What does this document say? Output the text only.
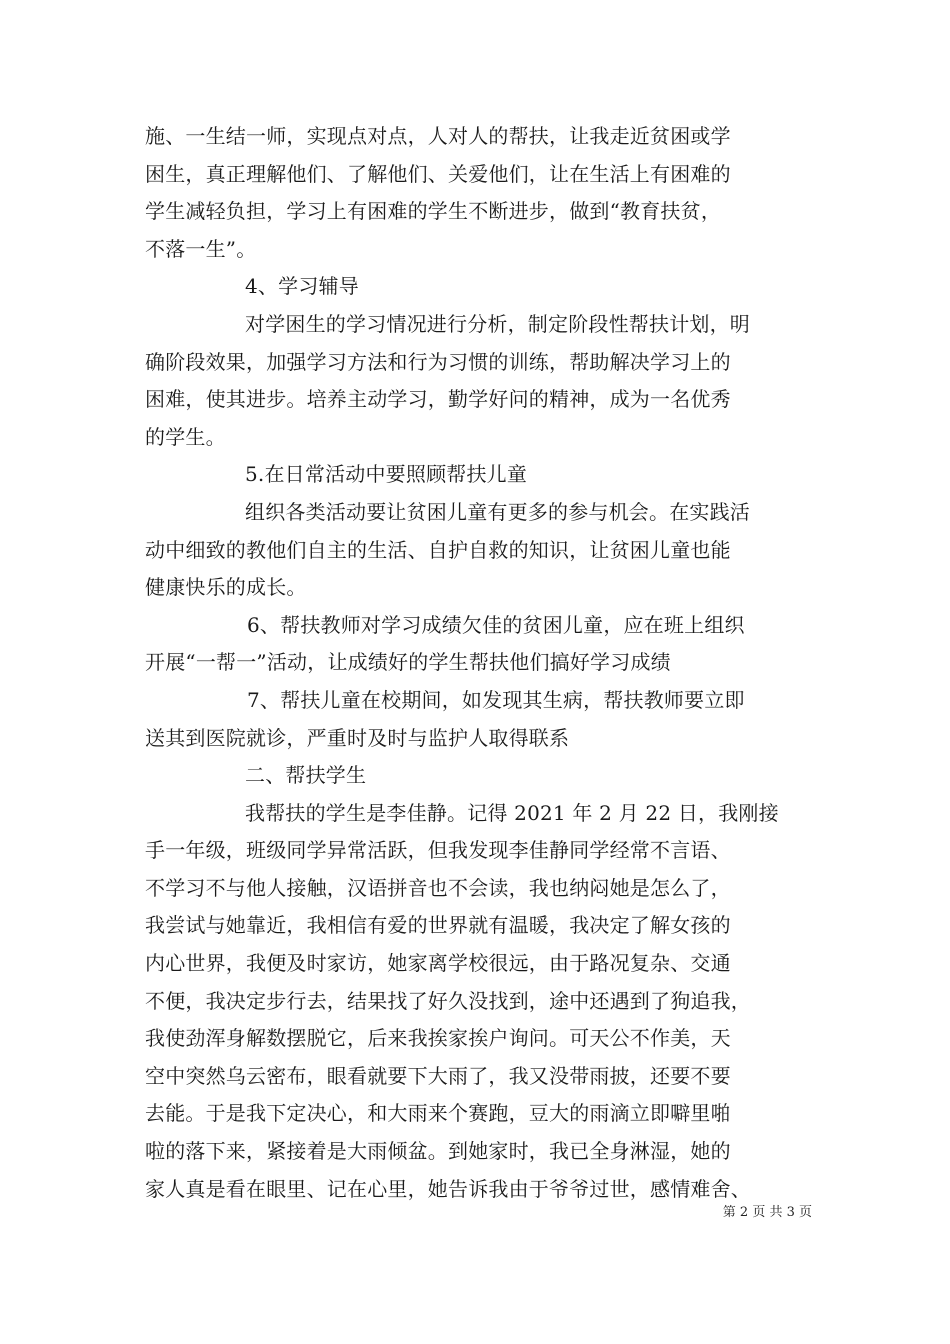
施、一生结一师，实现点对点，人对人的帮扶，让我走近贫困或学
困生，真正理解他们、了解他们、关爱他们，让在生活上有困难的
学生减轻负担，学习上有困难的学生不断进步，做到“教育扶贫，
不落一生”。
4、学习辅导
对学困生的学习情况进行分析，制定阶段性帮扶计划，明
确阶段效果，加强学习方法和行为习惯的训练，帮助解决学习上的
困难，使其进步。培养主动学习，勤学好问的精神，成为一名优秀
的学生。
5.在日常活动中要照顾帮扶儿童
组织各类活动要让贫困儿童有更多的参与机会。在实践活
动中细致的教他们自主的生活、自护自救的知识，让贫困儿童也能
健康快乐的成长。
6、帮扶教师对学习成绩欠佳的贫困儿童，应在班上组织
开展“一帮一”活动，让成绩好的学生帮扶他们搞好学习成绩
7、帮扶儿童在校期间，如发现其生病，帮扶教师要立即
送其到医院就诊，严重时及时与监护人取得联系
二、帮扶学生
我帮扶的学生是李佳静。记得 2021 年 2 月 22 日，我刚接
手一年级，班级同学异常活跃，但我发现李佳静同学经常不言语、
不学习不与他人接触，汉语拼音也不会读，我也纳闷她是怎么了，
我尝试与她靠近，我相信有爱的世界就有温暖，我决定了解女孩的
内心世界，我便及时家访，她家离学校很远，由于路况复杂、交通
不便，我决定步行去，结果找了好久没找到，途中还遇到了狗追我，
我使劲浑身解数摆脱它，后来我挨家挨户询问。可天公不作美，天
空中突然乌云密布，眼看就要下大雨了，我又没带雨披，还要不要
去能。于是我下定决心，和大雨来个赛跑，豆大的雨滴立即噼里啪
啦的落下来，紧接着是大雨倾盆。到她家时，我已全身淋湿，她的
家人真是看在眼里、记在心里，她告诉我由于爷爷过世，感情难舍、
第 2 页 共 3 页
